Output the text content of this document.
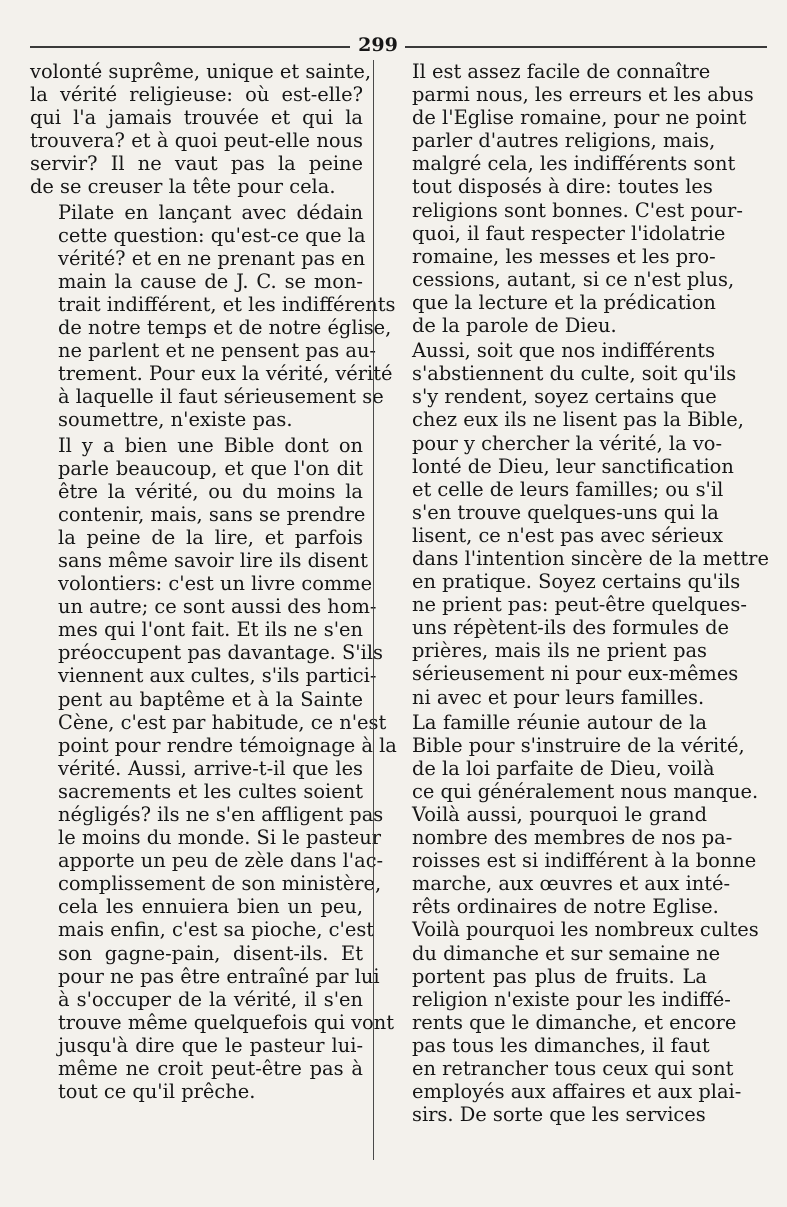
299

volonté suprême, unique et sainte,
la vérité religieuse: où est-elle?
qui l'a jamais trouvée et qui la
trouvera? et à quoi peut-elle nous
servir? Il ne vaut pas la peine
de se creuser la tête pour cela.

Pilate en lançant avec dédain
cette question: qu'est-ce que la
vérité? et en ne prenant pas en
main la cause de J. C. se mon-
trait indifférent, et les indifférents
de notre temps et de notre église,
ne parlent et ne pensent pas au-
trement. Pour eux la vérité, vérité
à laquelle il faut sérieusement se
soumettre, n'existe pas.

Il y a bien une Bible dont on
parle beaucoup, et que l'on dit
être la vérité, ou du moins la
contenir, mais, sans se prendre
la peine de la lire, et parfois
sans même savoir lire ils disent
volontiers: c'est un livre comme
un autre; ce sont aussi des hom-
mes qui l'ont fait. Et ils ne s'en
préoccupent pas davantage. S'ils
viennent aux cultes, s'ils partici-
pent au baptême et à la Sainte
Cène, c'est par habitude, ce n'est
point pour rendre témoignage à la
vérité. Aussi, arrive-t-il que les
sacrements et les cultes soient
négligés? ils ne s'en affligent pas
le moins du monde. Si le pasteur
apporte un peu de zèle dans l'ac-
complissement de son ministère,
cela les ennuiera bien un peu,
mais enfin, c'est sa pioche, c'est
son gagne-pain, disent-ils. Et
pour ne pas être entraîné par lui
à s'occuper de la vérité, il s'en
trouve même quelquefois qui vont
jusqu'à dire que le pasteur lui-
même ne croit peut-être pas à
tout ce qu'il prêche.

Il est assez facile de connaître
parmi nous, les erreurs et les abus
de l'Eglise romaine, pour ne point
parler d'autres religions, mais,
malgré cela, les indifférents sont
tout disposés à dire: toutes les
religions sont bonnes. C'est pour-
quoi, il faut respecter l'idolatrie
romaine, les messes et les pro-
cessions, autant, si ce n'est plus,
que la lecture et la prédication
de la parole de Dieu.

Aussi, soit que nos indifférents
s'abstiennent du culte, soit qu'ils
s'y rendent, soyez certains que
chez eux ils ne lisent pas la Bible,
pour y chercher la vérité, la vo-
lonté de Dieu, leur sanctification
et celle de leurs familles; ou s'il
s'en trouve quelques-uns qui la
lisent, ce n'est pas avec sérieux
dans l'intention sincère de la mettre
en pratique. Soyez certains qu'ils
ne prient pas: peut-être quelques-
uns répètent-ils des formules de
prières, mais ils ne prient pas
sérieusement ni pour eux-mêmes
ni avec et pour leurs familles.

La famille réunie autour de la
Bible pour s'instruire de la vérité,
de la loi parfaite de Dieu, voilà
ce qui généralement nous manque.
Voilà aussi, pourquoi le grand
nombre des membres de nos pa-
roisses est si indifférent à la bonne
marche, aux œuvres et aux inté-
rêts ordinaires de notre Eglise.
Voilà pourquoi les nombreux cultes
du dimanche et sur semaine ne
portent pas plus de fruits. La
religion n'existe pour les indiffé-
rents que le dimanche, et encore
pas tous les dimanches, il faut
en retrancher tous ceux qui sont
employés aux affaires et aux plai-
sirs. De sorte que les services
